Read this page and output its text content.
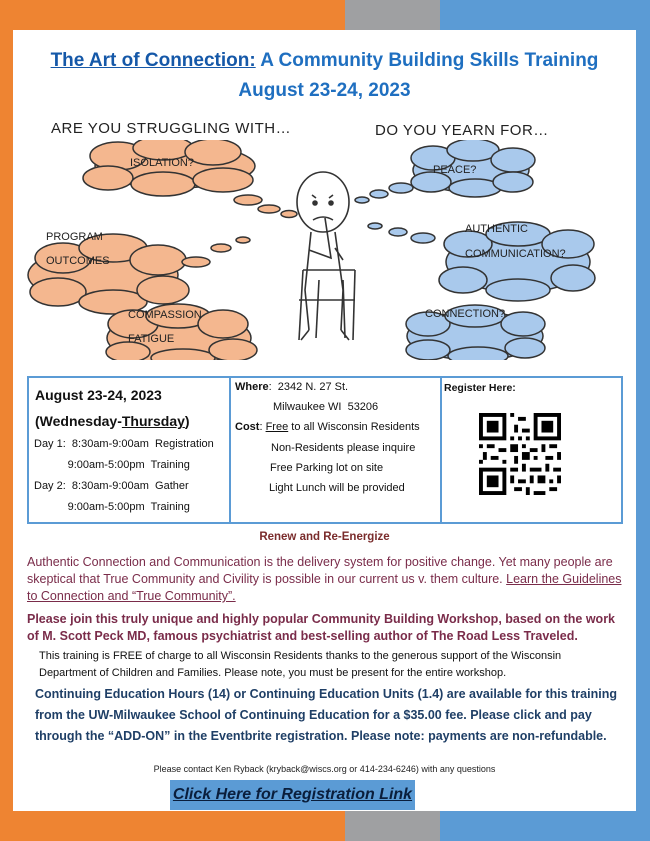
The Art of Connection: A Community Building Skills Training
August 23-24, 2023
ARE YOU STRUGGLING WITH…	DO YOU YEARN FOR…
ISOLATION?
PROGRAM
OUTCOMES
COMPASSION
FATIGUE
PEACE?
AUTHENTIC
COMMUNICATION?
CONNECTION?
August 23-24, 2023
(Wednesday-Thursday)
Day 1:  8:30am-9:00am  Registration
9:00am-5:00pm  Training
Day 2:  8:30am-9:00am  Gather
9:00am-5:00pm  Training
Where:  2342 N. 27 St.
Milwaukee WI  53206
Cost: Free to all Wisconsin Residents
Non-Residents please inquire
Free Parking lot on site
Light Lunch will be provided
Register Here:
Renew and Re-Energize
Authentic Connection and Communication is the delivery system for positive change. Yet many people are skeptical that True Community and Civility is possible in our current us v. them culture. Learn the Guidelines to Connection and “True Community”.
Please join this truly unique and highly popular Community Building Workshop, based on the work of M. Scott Peck MD, famous psychiatrist and best-selling author of The Road Less Traveled.
This training is FREE of charge to all Wisconsin Residents thanks to the generous support of the Wisconsin Department of Children and Families. Please note, you must be present for the entire workshop.
Continuing Education Hours (14) or Continuing Education Units (1.4) are available for this training from the UW-Milwaukee School of Continuing Education for a $35.00 fee. Please click and pay through the “ADD-ON” in the Eventbrite registration. Please note: payments are non-refundable.
Please contact Ken Ryback (kryback@wiscs.org or 414-234-6246) with any questions
Click Here for Registration Link
